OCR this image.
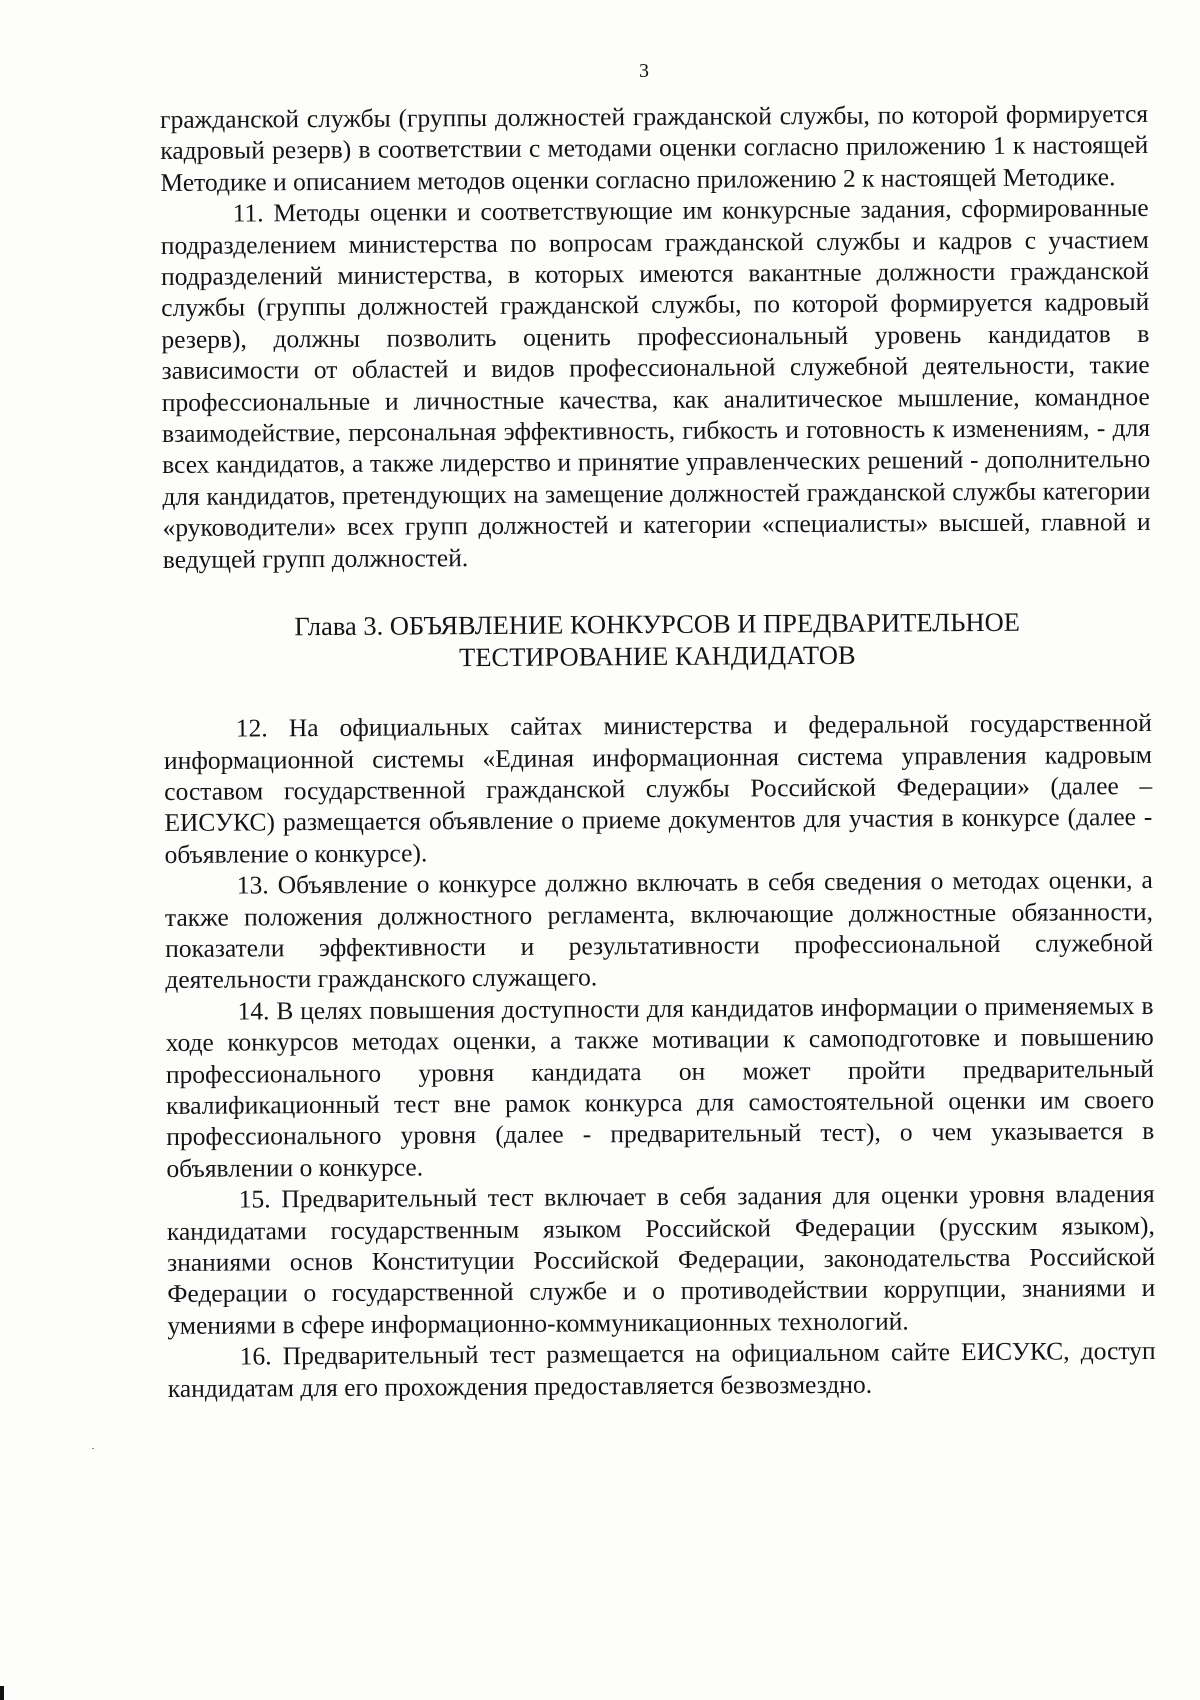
3

гражданской службы (группы должностей гражданской службы, по которой формируется кадровый резерв) в соответствии с методами оценки согласно приложению 1 к настоящей Методике и описанием методов оценки согласно приложению 2 к настоящей Методике.

11. Методы оценки и соответствующие им конкурсные задания, сформированные подразделением министерства по вопросам гражданской службы и кадров с участием подразделений министерства, в которых имеются вакантные должности гражданской службы (группы должностей гражданской службы, по которой формируется кадровый резерв), должны позволить оценить профессиональный уровень кандидатов в зависимости от областей и видов профессиональной служебной деятельности, такие профессиональные и личностные качества, как аналитическое мышление, командное взаимодействие, персональная эффективность, гибкость и готовность к изменениям, - для всех кандидатов, а также лидерство и принятие управленческих решений - дополнительно для кандидатов, претендующих на замещение должностей гражданской службы категории «руководители» всех групп должностей и категории «специалисты» высшей, главной и ведущей групп должностей.

Глава 3. ОБЪЯВЛЕНИЕ КОНКУРСОВ И ПРЕДВАРИТЕЛЬНОЕ
ТЕСТИРОВАНИЕ КАНДИДАТОВ

12. На официальных сайтах министерства и федеральной государственной информационной системы «Единая информационная система управления кадровым составом государственной гражданской службы Российской Федерации» (далее – ЕИСУКС) размещается объявление о приеме документов для участия в конкурсе (далее - объявление о конкурсе).

13. Объявление о конкурсе должно включать в себя сведения о методах оценки, а также положения должностного регламента, включающие должностные обязанности, показатели эффективности и результативности профессиональной служебной деятельности гражданского служащего.

14. В целях повышения доступности для кандидатов информации о применяемых в ходе конкурсов методах оценки, а также мотивации к самоподготовке и повышению профессионального уровня кандидата он может пройти предварительный квалификационный тест вне рамок конкурса для самостоятельной оценки им своего профессионального уровня (далее - предварительный тест), о чем указывается в объявлении о конкурсе.

15. Предварительный тест включает в себя задания для оценки уровня владения кандидатами государственным языком Российской Федерации (русским языком), знаниями основ Конституции Российской Федерации, законодательства Российской Федерации о государственной службе и о противодействии коррупции, знаниями и умениями в сфере информационно-коммуникационных технологий.

16. Предварительный тест размещается на официальном сайте ЕИСУКС, доступ кандидатам для его прохождения предоставляется безвозмездно.
